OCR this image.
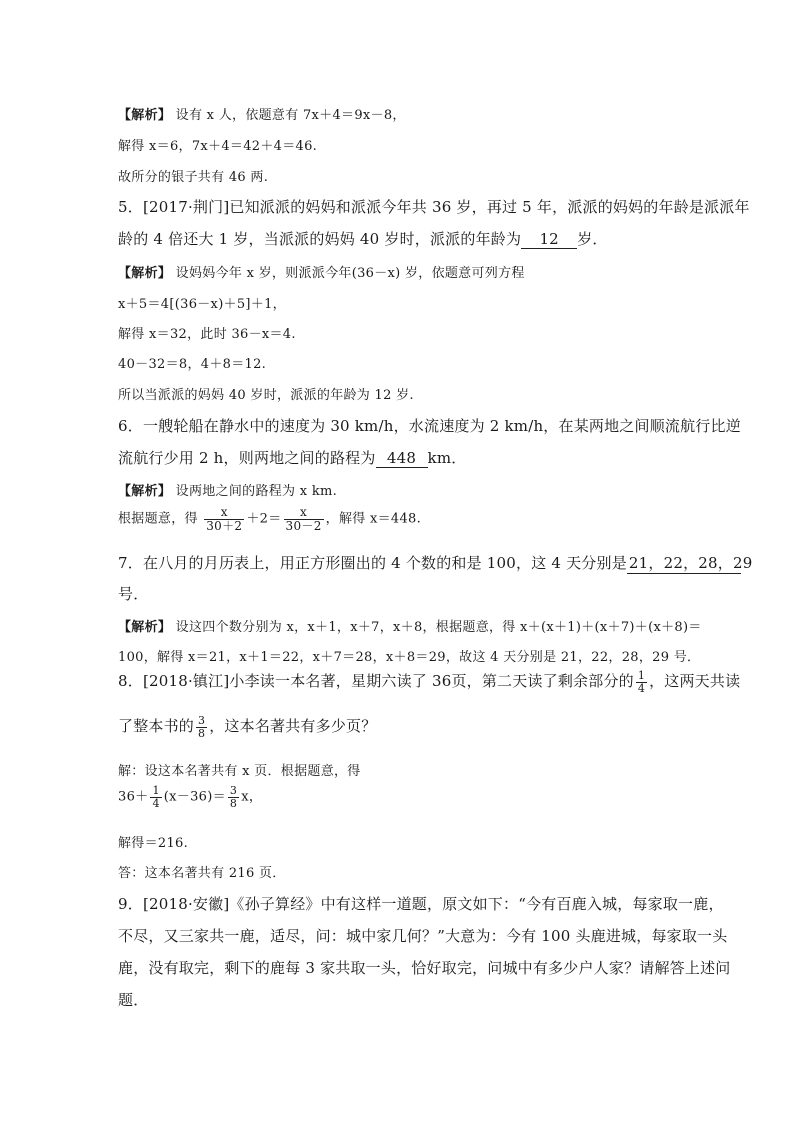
【解析】 设有 x 人，依题意有 7x＋4＝9x－8，
解得 x＝6，7x＋4＝42＋4＝46.
故所分的银子共有 46 两.
5．[2017·荆门]已知派派的妈妈和派派今年共 36 岁，再过 5 年，派派的妈妈的年龄是派派年
龄的 4 倍还大 1 岁，当派派的妈妈 40 岁时，派派的年龄为 12 岁．
【解析】 设妈妈今年 x 岁，则派派今年(36－x) 岁，依题意可列方程
x＋5＝4[(36－x)＋5]＋1，
解得 x＝32，此时 36－x＝4.
40－32＝8，4＋8＝12.
所以当派派的妈妈 40 岁时，派派的年龄为 12 岁.
6．一艘轮船在静水中的速度为 30 km/h，水流速度为 2 km/h，在某两地之间顺流航行比逆
流航行少用 2 h，则两地之间的路程为 448 km．
【解析】 设两地之间的路程为 x km.
根据题意，得 $\frac{x}{30+2} +2= \frac{x}{30-2}$ ，解得 x＝448.
7．在八月的月历表上，用正方形圈出的 4 个数的和是 100，这 4 天分别是 21，22，28，29
号．
【解析】 设这四个数分别为 x，x＋1，x＋7，x＋8，根据题意，得 x＋(x＋1)＋(x＋7)＋(x＋8)＝
100，解得 x＝21，x＋1＝22，x＋7＝28，x＋8＝29，故这 4 天分别是 21，22，28，29 号．
8．[2018·镇江]小李读一本名著，星期六读了 36页，第二天读了剩余部分的 $\frac{1}{4}$ ，这两天共读
了整本书的 $\frac{3}{8}$ ，这本名著共有多少页？
解：设这本名著共有 x 页．根据题意，得
$36+ \frac{1}{4} (x-36)= \frac{3}{8}$ x，
解得＝216.
答：这本名著共有 216 页．
9．[2018·安徽]《孙子算经》中有这样一道题，原文如下：“今有百鹿入城，每家取一鹿，
不尽，又三家共一鹿，适尽，问：城中家几何？”大意为：今有 100 头鹿进城，每家取一头
鹿，没有取完，剩下的鹿每 3 家共取一头，恰好取完，问城中有多少户人家？请解答上述问
题．
